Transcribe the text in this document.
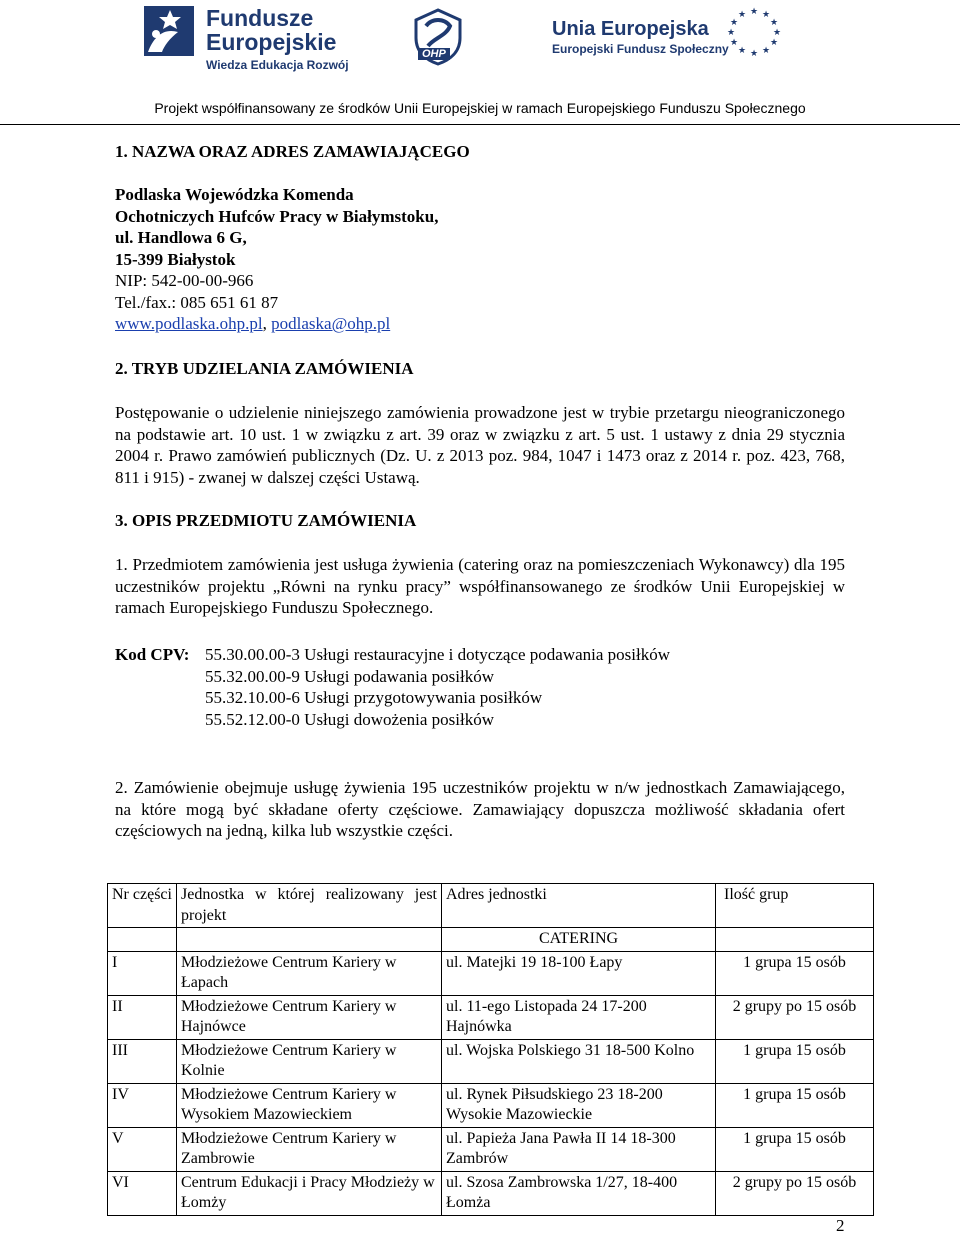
Fundusze
Europejskie
Wiedza Edukacja Rozwój
OHP
Unia Europejska
Europejski Fundusz Społeczny
★ ★
★
★
★
★
★
★
★
★
★
★
Projekt współfinansowany ze środków Unii Europejskiej w ramach Europejskiego Funduszu Społecznego
1. NAZWA ORAZ ADRES ZAMAWIAJĄCEGO
Podlaska Wojewódzka Komenda
Ochotniczych Hufców Pracy w Białymstoku,
ul. Handlowa 6 G,
15-399 Białystok
NIP: 542-00-00-966
Tel./fax.: 085 651 61 87
www.podlaska.ohp.pl, podlaska@ohp.pl
2. TRYB UDZIELANIA ZAMÓWIENIA
Postępowanie o udzielenie niniejszego zamówienia prowadzone jest w trybie przetargu nieograniczonego na podstawie art. 10 ust. 1 w związku z art. 39 oraz w związku z art. 5 ust. 1 ustawy z dnia 29 stycznia 2004 r. Prawo zamówień publicznych (Dz. U. z 2013 poz. 984, 1047 i 1473 oraz z 2014 r. poz. 423, 768, 811 i 915) - zwanej w dalszej części Ustawą.
3. OPIS PRZEDMIOTU ZAMÓWIENIA
1. Przedmiotem zamówienia jest usługa żywienia (catering oraz na pomieszczeniach Wykonawcy) dla 195 uczestników projektu „Równi na rynku pracy” współfinansowanego ze środków Unii Europejskiej w ramach Europejskiego Funduszu Społecznego.
Kod CPV: 55.30.00.00-3 Usługi restauracyjne i dotyczące podawania posiłków
55.32.00.00-9 Usługi podawania posiłków
55.32.10.00-6 Usługi przygotowywania posiłków
55.52.12.00-0 Usługi dowożenia posiłków
2. Zamówienie obejmuje usługę żywienia 195 uczestników projektu w n/w jednostkach Zamawiającego, na które mogą być składane oferty częściowe. Zamawiający dopuszcza możliwość składania ofert częściowych na jedną, kilka lub wszystkie części.
Nr części	Jednostka w której realizowany jest projekt	Adres jednostki	Ilość grup
		CATERING	
I	Młodzieżowe Centrum Kariery w Łapach	ul. Matejki 19 18-100 Łapy	1 grupa 15 osób
II	Młodzieżowe Centrum Kariery w Hajnówce	ul. 11-ego Listopada 24 17-200 Hajnówka	2 grupy po 15 osób
III	Młodzieżowe Centrum Kariery w Kolnie	ul. Wojska Polskiego 31 18-500 Kolno	1 grupa 15 osób
IV	Młodzieżowe Centrum Kariery w Wysokiem Mazowieckiem	ul. Rynek Piłsudskiego 23 18-200 Wysokie Mazowieckie	1 grupa 15 osób
V	Młodzieżowe Centrum Kariery w Zambrowie	ul. Papieża Jana Pawła II 14 18-300 Zambrów	1 grupa 15 osób
VI	Centrum Edukacji i Pracy Młodzieży w Łomży	ul. Szosa Zambrowska 1/27, 18-400 Łomża	2 grupy po 15 osób
2
